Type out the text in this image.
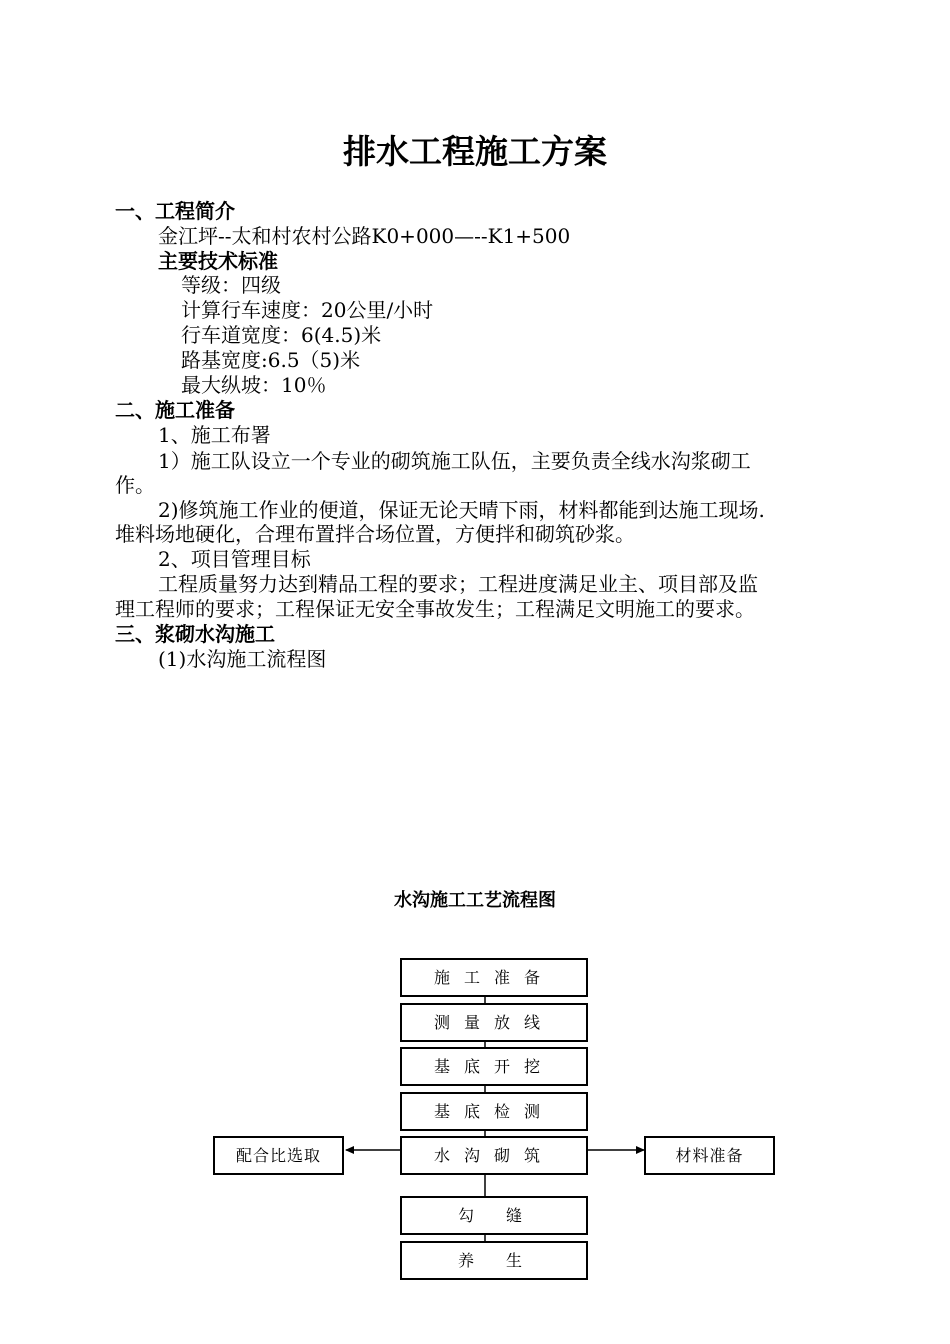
排水工程施工方案
一、工程简介
金江坪--太和村农村公路K0+000—--K1+500
主要技术标准
等级：四级
计算行车速度：20公里/小时
行车道宽度：6(4.5)米
路基宽度:6.5（5)米
最大纵坡：10％
二、施工准备
1、施工布署
1）施工队设立一个专业的砌筑施工队伍，主要负责全线水沟浆砌工
作。
2)修筑施工作业的便道，保证无论天晴下雨，材料都能到达施工现场.
堆料场地硬化，合理布置拌合场位置，方便拌和砌筑砂浆。
2、项目管理目标
工程质量努力达到精品工程的要求；工程进度满足业主、项目部及监
理工程师的要求；工程保证无安全事故发生；工程满足文明施工的要求。
三、浆砌水沟施工
(1)水沟施工流程图
水沟施工工艺流程图
施工准备
测量放线
基底开挖
基底检测
水沟砌筑
勾缝
养生
配合比选取	材料准备
